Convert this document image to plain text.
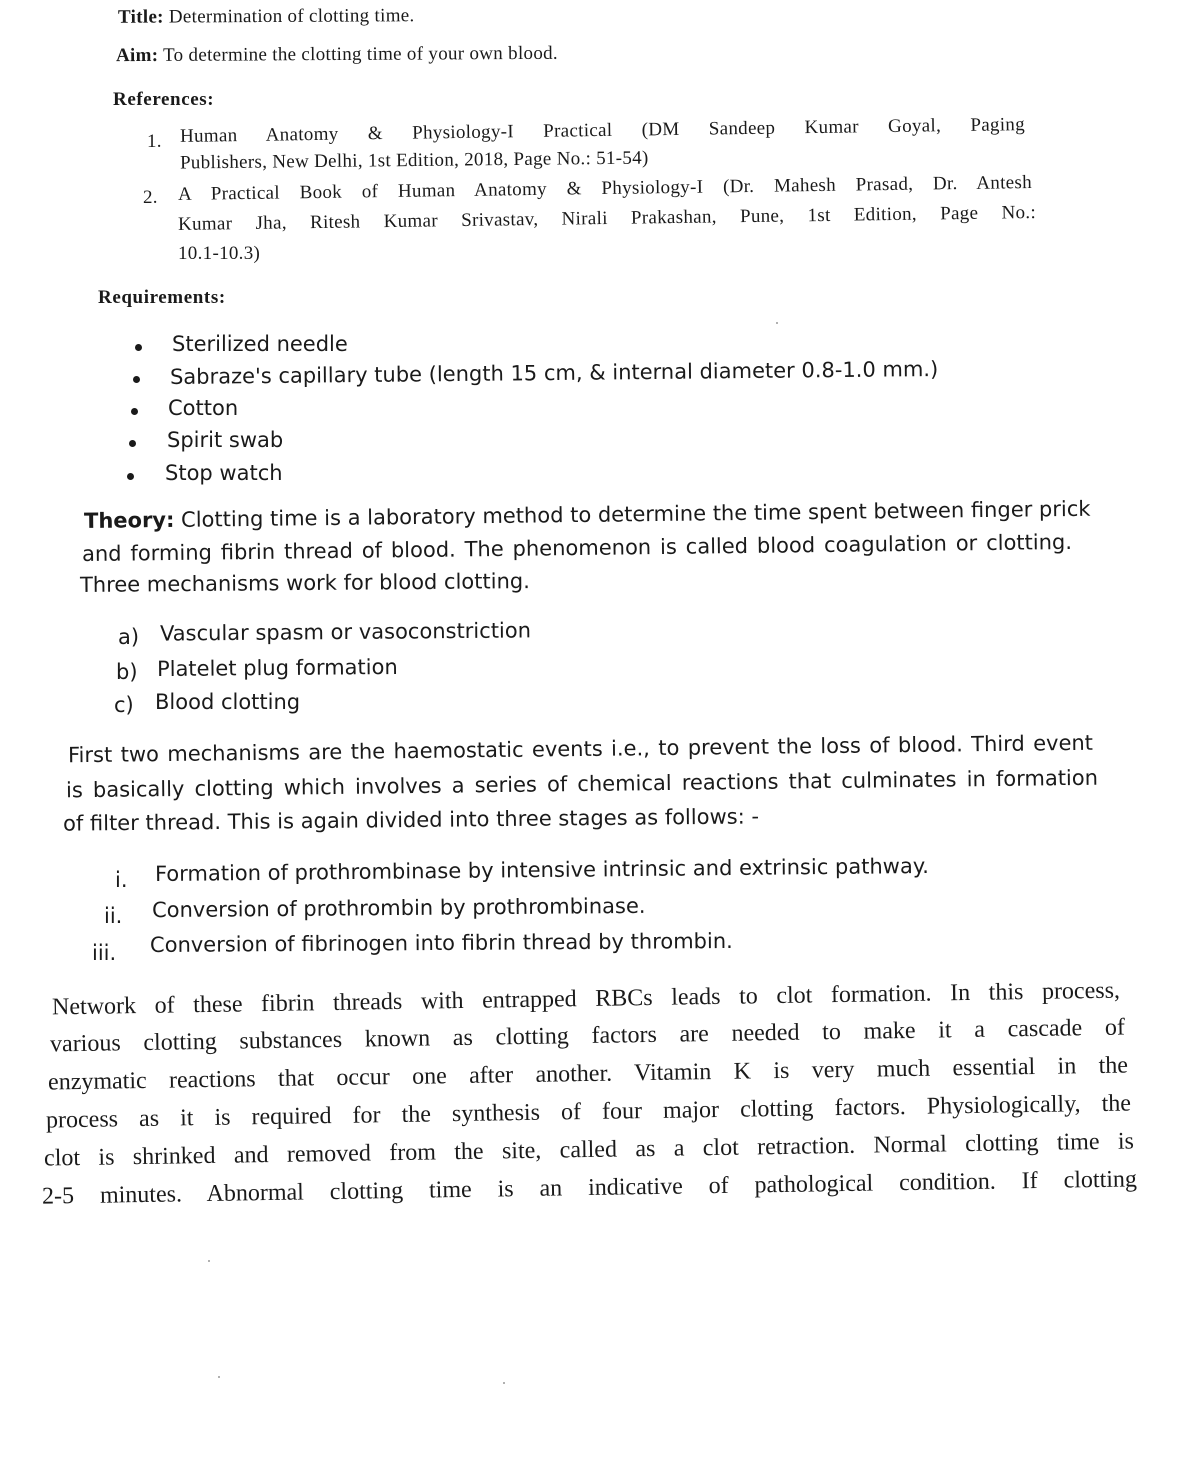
Title: Determination of clotting time.
Aim: To determine the clotting time of your own blood.
References:
1. Human Anatomy & Physiology-I Practical (DM Sandeep Kumar Goyal, Paging
Publishers, New Delhi, 1st Edition, 2018, Page No.: 51-54)
2. A Practical Book of Human Anatomy & Physiology-I (Dr. Mahesh Prasad, Dr. Antesh
Kumar Jha, Ritesh Kumar Srivastav, Nirali Prakashan, Pune, 1st Edition, Page No.:
10.1-10.3)
Requirements:
Sterilized needle
Sabraze's capillary tube (length 15 cm, & internal diameter 0.8-1.0 mm.)
Cotton
Spirit swab
Stop watch
Theory: Clotting time is a laboratory method to determine the time spent between finger prick
and forming fibrin thread of blood. The phenomenon is called blood coagulation or clotting.
Three mechanisms work for blood clotting.
a) Vascular spasm or vasoconstriction
b) Platelet plug formation
c) Blood clotting
First two mechanisms are the haemostatic events i.e., to prevent the loss of blood. Third event
is basically clotting which involves a series of chemical reactions that culminates in formation
of filter thread. This is again divided into three stages as follows: -
i. Formation of prothrombinase by intensive intrinsic and extrinsic pathway.
ii. Conversion of prothrombin by prothrombinase.
iii. Conversion of fibrinogen into fibrin thread by thrombin.
Network of these fibrin threads with entrapped RBCs leads to clot formation. In this process,
various clotting substances known as clotting factors are needed to make it a cascade of
enzymatic reactions that occur one after another. Vitamin K is very much essential in the
process as it is required for the synthesis of four major clotting factors. Physiologically, the
clot is shrinked and removed from the site, called as a clot retraction. Normal clotting time is
2-5 minutes. Abnormal clotting time is an indicative of pathological condition. If clotting
